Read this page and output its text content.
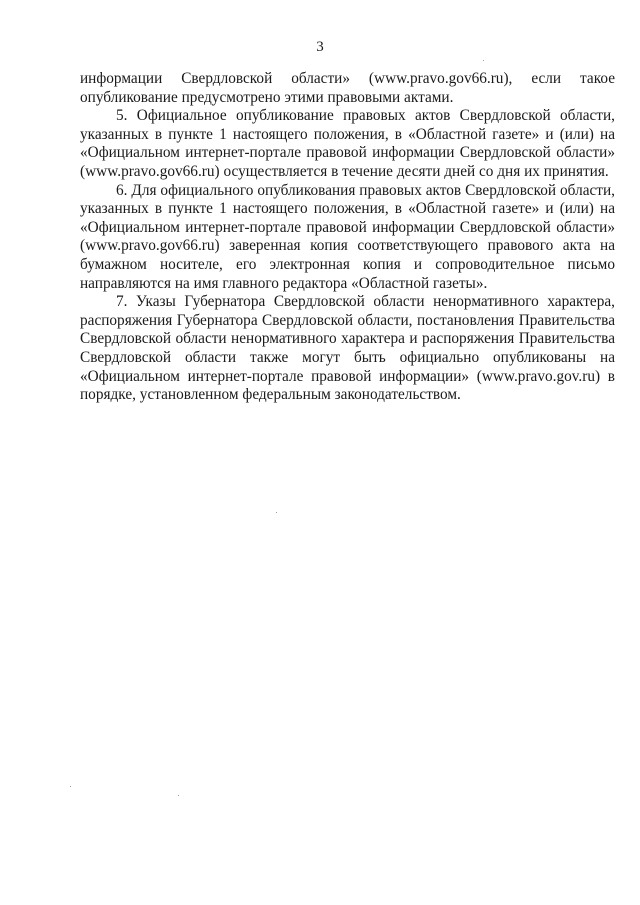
3

информации Свердловской области» (www.pravo.gov66.ru), если такое опубликование предусмотрено этими правовыми актами.

5. Официальное опубликование правовых актов Свердловской области, указанных в пункте 1 настоящего положения, в «Областной газете» и (или) на «Официальном интернет-портале правовой информации Свердловской области» (www.pravo.gov66.ru) осуществляется в течение десяти дней со дня их принятия.

6. Для официального опубликования правовых актов Свердловской области, указанных в пункте 1 настоящего положения, в «Областной газете» и (или) на «Официальном интернет-портале правовой информации Свердловской области» (www.pravo.gov66.ru) заверенная копия соответствующего правового акта на бумажном носителе, его электронная копия и сопроводительное письмо направляются на имя главного редактора «Областной газеты».

7. Указы Губернатора Свердловской области ненормативного характера, распоряжения Губернатора Свердловской области, постановления Правительства Свердловской области ненормативного характера и распоряжения Правительства Свердловской области также могут быть официально опубликованы на «Официальном интернет-портале правовой информации» (www.pravo.gov.ru) в порядке, установленном федеральным законодательством.
